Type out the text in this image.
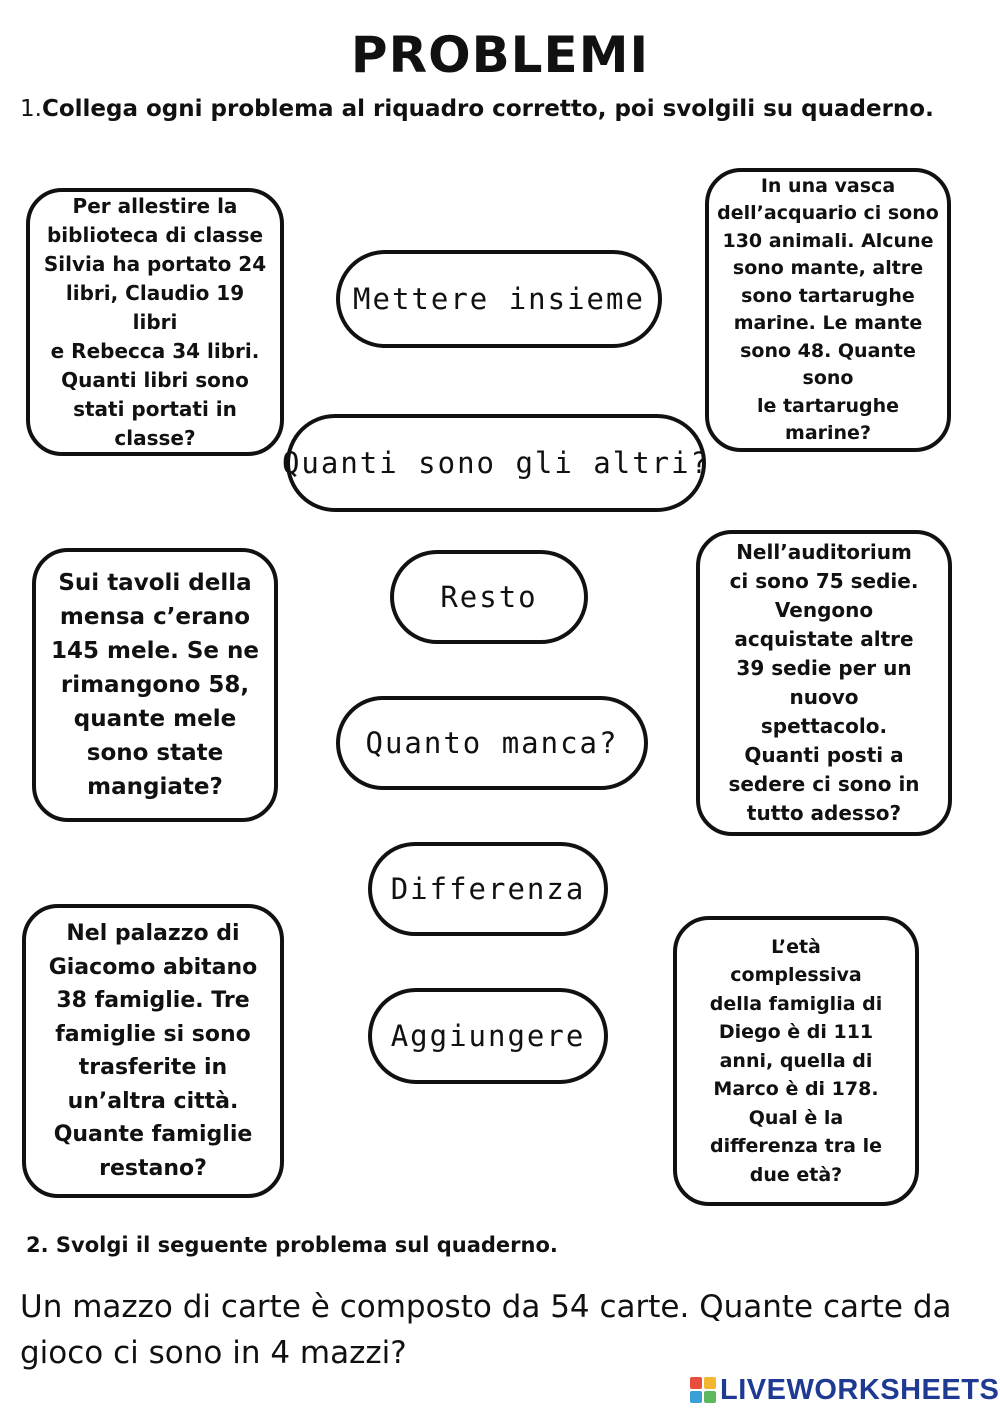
PROBLEMI
1.Collega ogni problema al riquadro corretto, poi svolgili su quaderno.
Per allestire la
biblioteca di classe
Silvia ha portato 24
libri, Claudio 19 libri
e Rebecca 34 libri.
Quanti libri sono
stati portati in
classe?
In una vasca
dell’acquario ci sono
130 animali. Alcune
sono mante, altre
sono tartarughe
marine. Le mante
sono 48. Quante sono
le tartarughe
marine?
Sui tavoli della
mensa c’erano
145 mele. Se ne
rimangono 58,
quante mele
sono state
mangiate?
Nell’auditorium
ci sono 75 sedie.
Vengono
acquistate altre
39 sedie per un
nuovo
spettacolo.
Quanti posti a
sedere ci sono in
tutto adesso?
Nel palazzo di
Giacomo abitano
38 famiglie. Tre
famiglie si sono
trasferite in
un’altra città.
Quante famiglie
restano?
L’età
complessiva
della famiglia di
Diego è di 111
anni, quella di
Marco è di 178.
Qual è la
differenza tra le
due età?
Mettere insieme
Quanti sono gli altri?
Resto
Quanto manca?
Differenza
Aggiungere
2. Svolgi il seguente problema sul quaderno.
Un mazzo di carte è composto da 54 carte. Quante carte da
gioco ci sono in 4 mazzi?
LIVEWORKSHEETS
